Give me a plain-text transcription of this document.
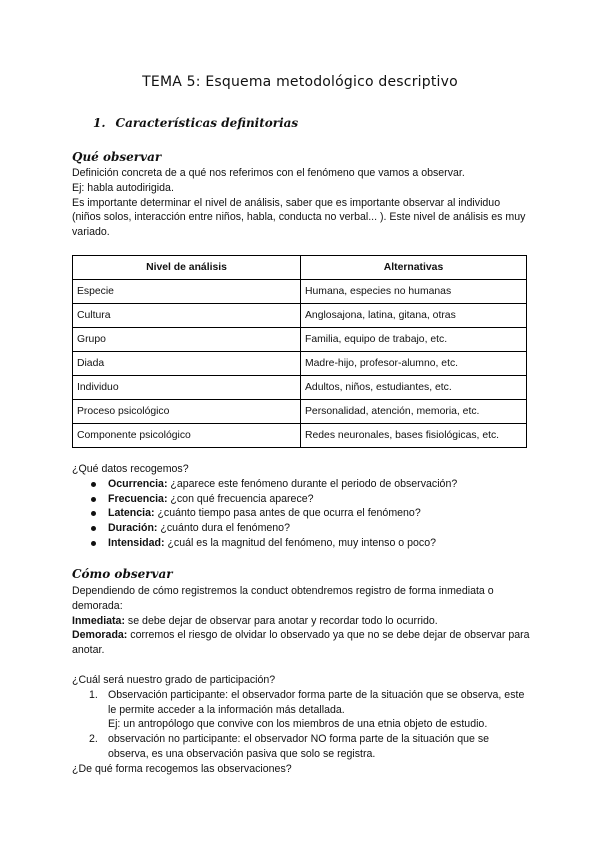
TEMA 5: Esquema metodológico descriptivo
1. Características definitorias
Qué observar

Definición concreta de a qué nos referimos con el fenómeno que vamos a observar.

Ej: habla autodirigida.

Es importante determinar el nivel de análisis, saber que es importante observar al individuo (niños solos, interacción entre niños, habla, conducta no verbal... ). Este nivel de análisis es muy variado.

Nivel de análisis	Alternativas
Especie	Humana, especies no humanas
Cultura	Anglosajona, latina, gitana, otras
Grupo	Familia, equipo de trabajo, etc.
Diada	Madre-hijo, profesor-alumno, etc.
Individuo	Adultos, niños, estudiantes, etc.
Proceso psicológico	Personalidad, atención, memoria, etc.
Componente psicológico	Redes neuronales, bases fisiológicas, etc.

¿Qué datos recogemos?

Ocurrencia: ¿aparece este fenómeno durante el periodo de observación?
Frecuencia: ¿con qué frecuencia aparece?
Latencia: ¿cuánto tiempo pasa antes de que ocurra el fenómeno?
Duración: ¿cuánto dura el fenómeno?
Intensidad: ¿cuál es la magnitud del fenómeno, muy intenso o poco?
Cómo observar

Dependiendo de cómo registremos la conduct obtendremos registro de forma inmediata o demorada:

Inmediata: se debe dejar de observar para anotar y recordar todo lo ocurrido.

Demorada: corremos el riesgo de olvidar lo observado ya que no se debe dejar de observar para anotar.

¿Cuál será nuestro grado de participación?

1. Observación participante: el observador forma parte de la situación que se observa, este le permite acceder a la información más detallada.
Ej: un antropólogo que convive con los miembros de una etnia objeto de estudio.
2. observación no participante: el observador NO forma parte de la situación que se observa, es una observación pasiva que solo se registra.

¿De qué forma recogemos las observaciones?
